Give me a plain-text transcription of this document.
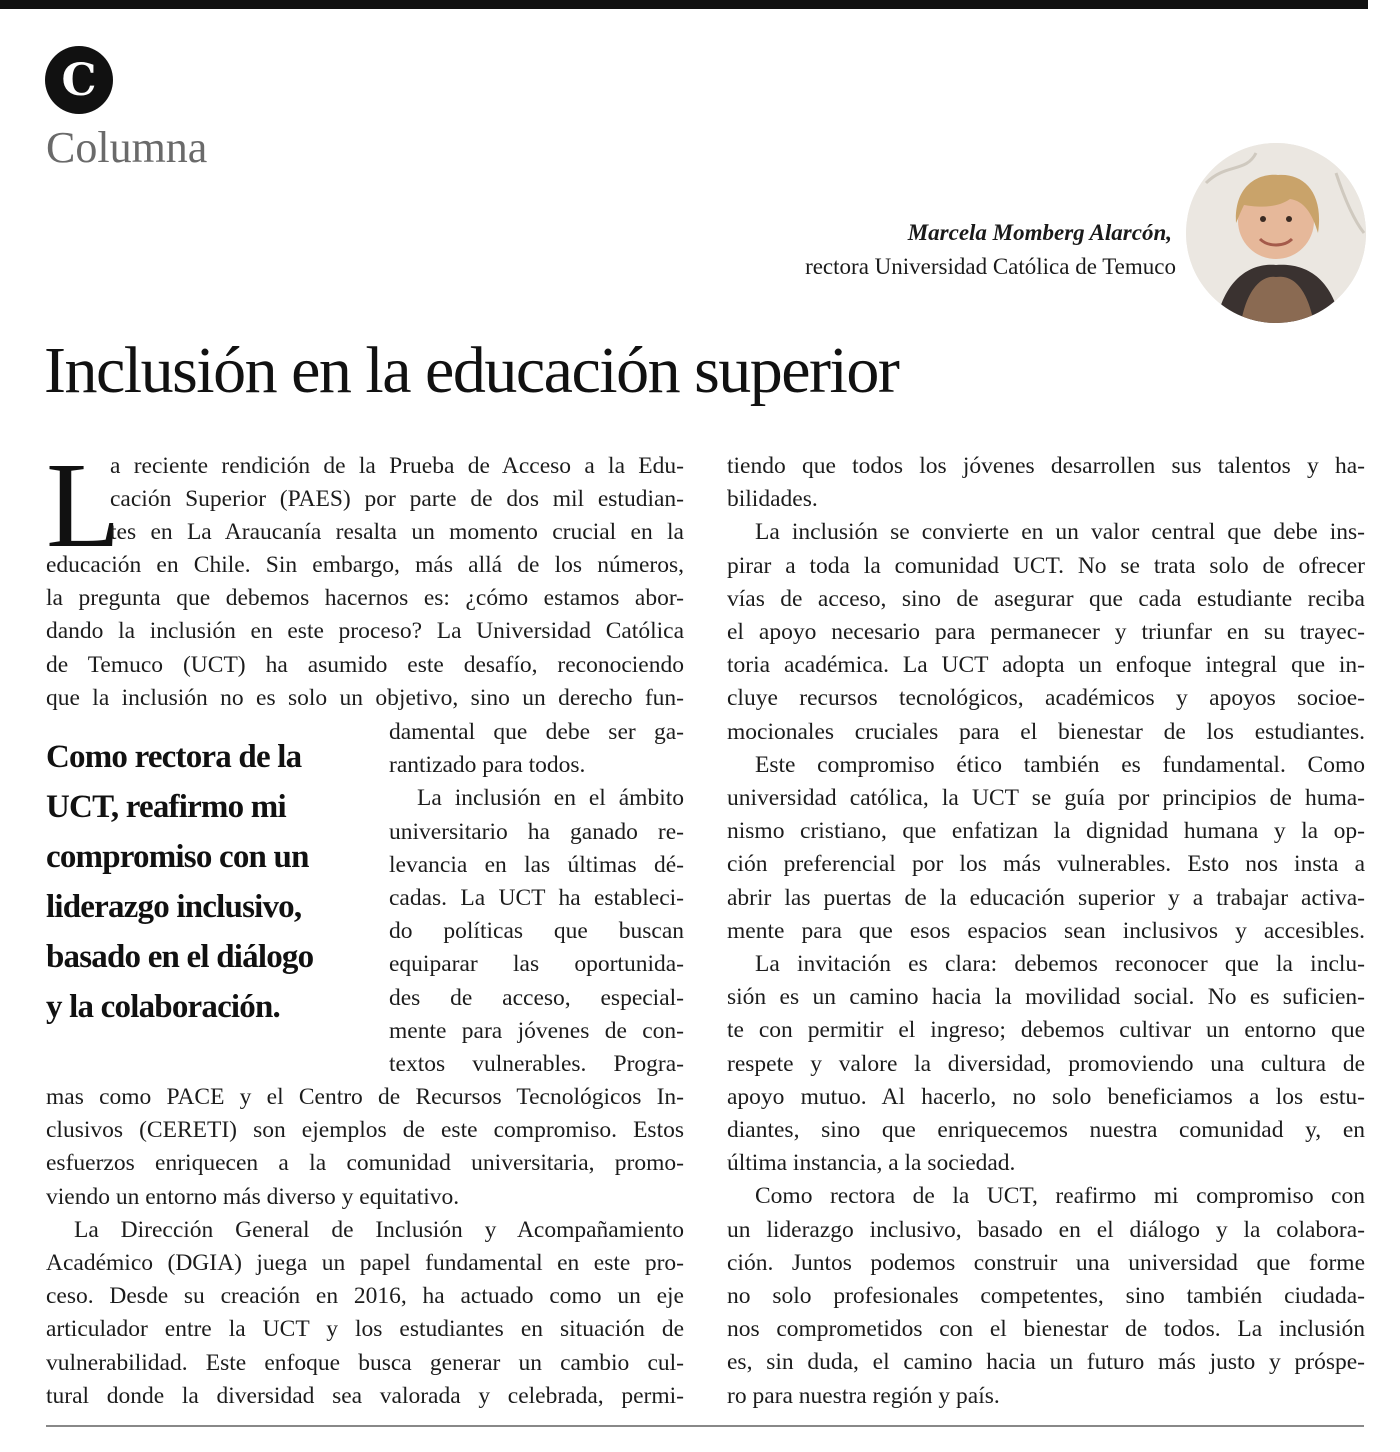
C
Columna
Marcela Momberg Alarcón,
rectora Universidad Católica de Temuco
Inclusión en la educación superior
L
a reciente rendición de la Prueba de Acceso a la Edu-
cación Superior (PAES) por parte de dos mil estudian-
tes en La Araucanía resalta un momento crucial en la
educación en Chile. Sin embargo, más allá de los números,
la pregunta que debemos hacernos es: ¿cómo estamos abor-
dando la inclusión en este proceso? La Universidad Católica
de Temuco (UCT) ha asumido este desafío, reconociendo
que la inclusión no es solo un objetivo, sino un derecho fun-
Como rectora de la
UCT, reafirmo mi
compromiso con un
liderazgo inclusivo,
basado en el diálogo
y la colaboración.
damental que debe ser ga-
rantizado para todos.
La inclusión en el ámbito
universitario ha ganado re-
levancia en las últimas dé-
cadas. La UCT ha estableci-
do políticas que buscan
equiparar las oportunida-
des de acceso, especial-
mente para jóvenes de con-
textos vulnerables. Progra-
mas como PACE y el Centro de Recursos Tecnológicos In-
clusivos (CERETI) son ejemplos de este compromiso. Estos
esfuerzos enriquecen a la comunidad universitaria, promo-
viendo un entorno más diverso y equitativo.
La Dirección General de Inclusión y Acompañamiento
Académico (DGIA) juega un papel fundamental en este pro-
ceso. Desde su creación en 2016, ha actuado como un eje
articulador entre la UCT y los estudiantes en situación de
vulnerabilidad. Este enfoque busca generar un cambio cul-
tural donde la diversidad sea valorada y celebrada, permi-
tiendo que todos los jóvenes desarrollen sus talentos y ha-
bilidades.
La inclusión se convierte en un valor central que debe ins-
pirar a toda la comunidad UCT. No se trata solo de ofrecer
vías de acceso, sino de asegurar que cada estudiante reciba
el apoyo necesario para permanecer y triunfar en su trayec-
toria académica. La UCT adopta un enfoque integral que in-
cluye recursos tecnológicos, académicos y apoyos socioe-
mocionales cruciales para el bienestar de los estudiantes.
Este compromiso ético también es fundamental. Como
universidad católica, la UCT se guía por principios de huma-
nismo cristiano, que enfatizan la dignidad humana y la op-
ción preferencial por los más vulnerables. Esto nos insta a
abrir las puertas de la educación superior y a trabajar activa-
mente para que esos espacios sean inclusivos y accesibles.
La invitación es clara: debemos reconocer que la inclu-
sión es un camino hacia la movilidad social. No es suficien-
te con permitir el ingreso; debemos cultivar un entorno que
respete y valore la diversidad, promoviendo una cultura de
apoyo mutuo. Al hacerlo, no solo beneficiamos a los estu-
diantes, sino que enriquecemos nuestra comunidad y, en
última instancia, a la sociedad.
Como rectora de la UCT, reafirmo mi compromiso con
un liderazgo inclusivo, basado en el diálogo y la colabora-
ción. Juntos podemos construir una universidad que forme
no solo profesionales competentes, sino también ciudada-
nos comprometidos con el bienestar de todos. La inclusión
es, sin duda, el camino hacia un futuro más justo y próspe-
ro para nuestra región y país.
